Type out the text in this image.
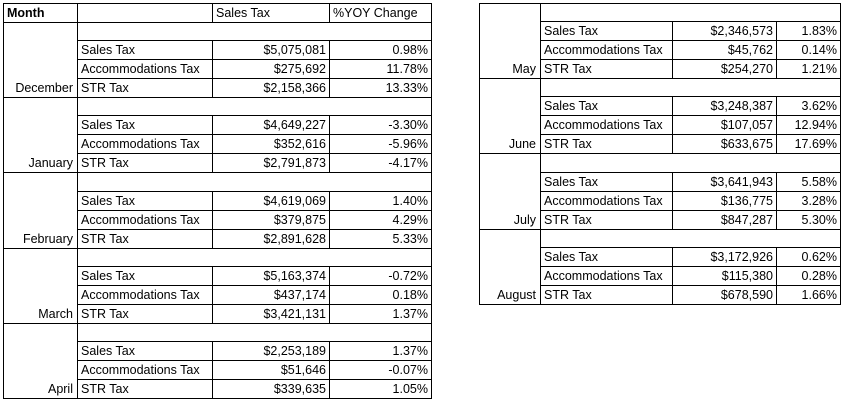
Month		Sales Tax	%YOY Change
December			
	Sales Tax	$5,075,081	0.98%
	Accommodations Tax	$275,692	11.78%
	STR Tax	$2,158,366	13.33%
January			
	Sales Tax	$4,649,227	-3.30%
	Accommodations Tax	$352,616	-5.96%
	STR Tax	$2,791,873	-4.17%
February			
	Sales Tax	$4,619,069	1.40%
	Accommodations Tax	$379,875	4.29%
	STR Tax	$2,891,628	5.33%
March			
	Sales Tax	$5,163,374	-0.72%
	Accommodations Tax	$437,174	0.18%
	STR Tax	$3,421,131	1.37%
April			
	Sales Tax	$2,253,189	1.37%
	Accommodations Tax	$51,646	-0.07%
	STR Tax	$339,635	1.05%
May			
	Sales Tax	$2,346,573	1.83%
	Accommodations Tax	$45,762	0.14%
	STR Tax	$254,270	1.21%
June			
	Sales Tax	$3,248,387	3.62%
	Accommodations Tax	$107,057	12.94%
	STR Tax	$633,675	17.69%
July			
	Sales Tax	$3,641,943	5.58%
	Accommodations Tax	$136,775	3.28%
	STR Tax	$847,287	5.30%
August			
	Sales Tax	$3,172,926	0.62%
	Accommodations Tax	$115,380	0.28%
	STR Tax	$678,590	1.66%
